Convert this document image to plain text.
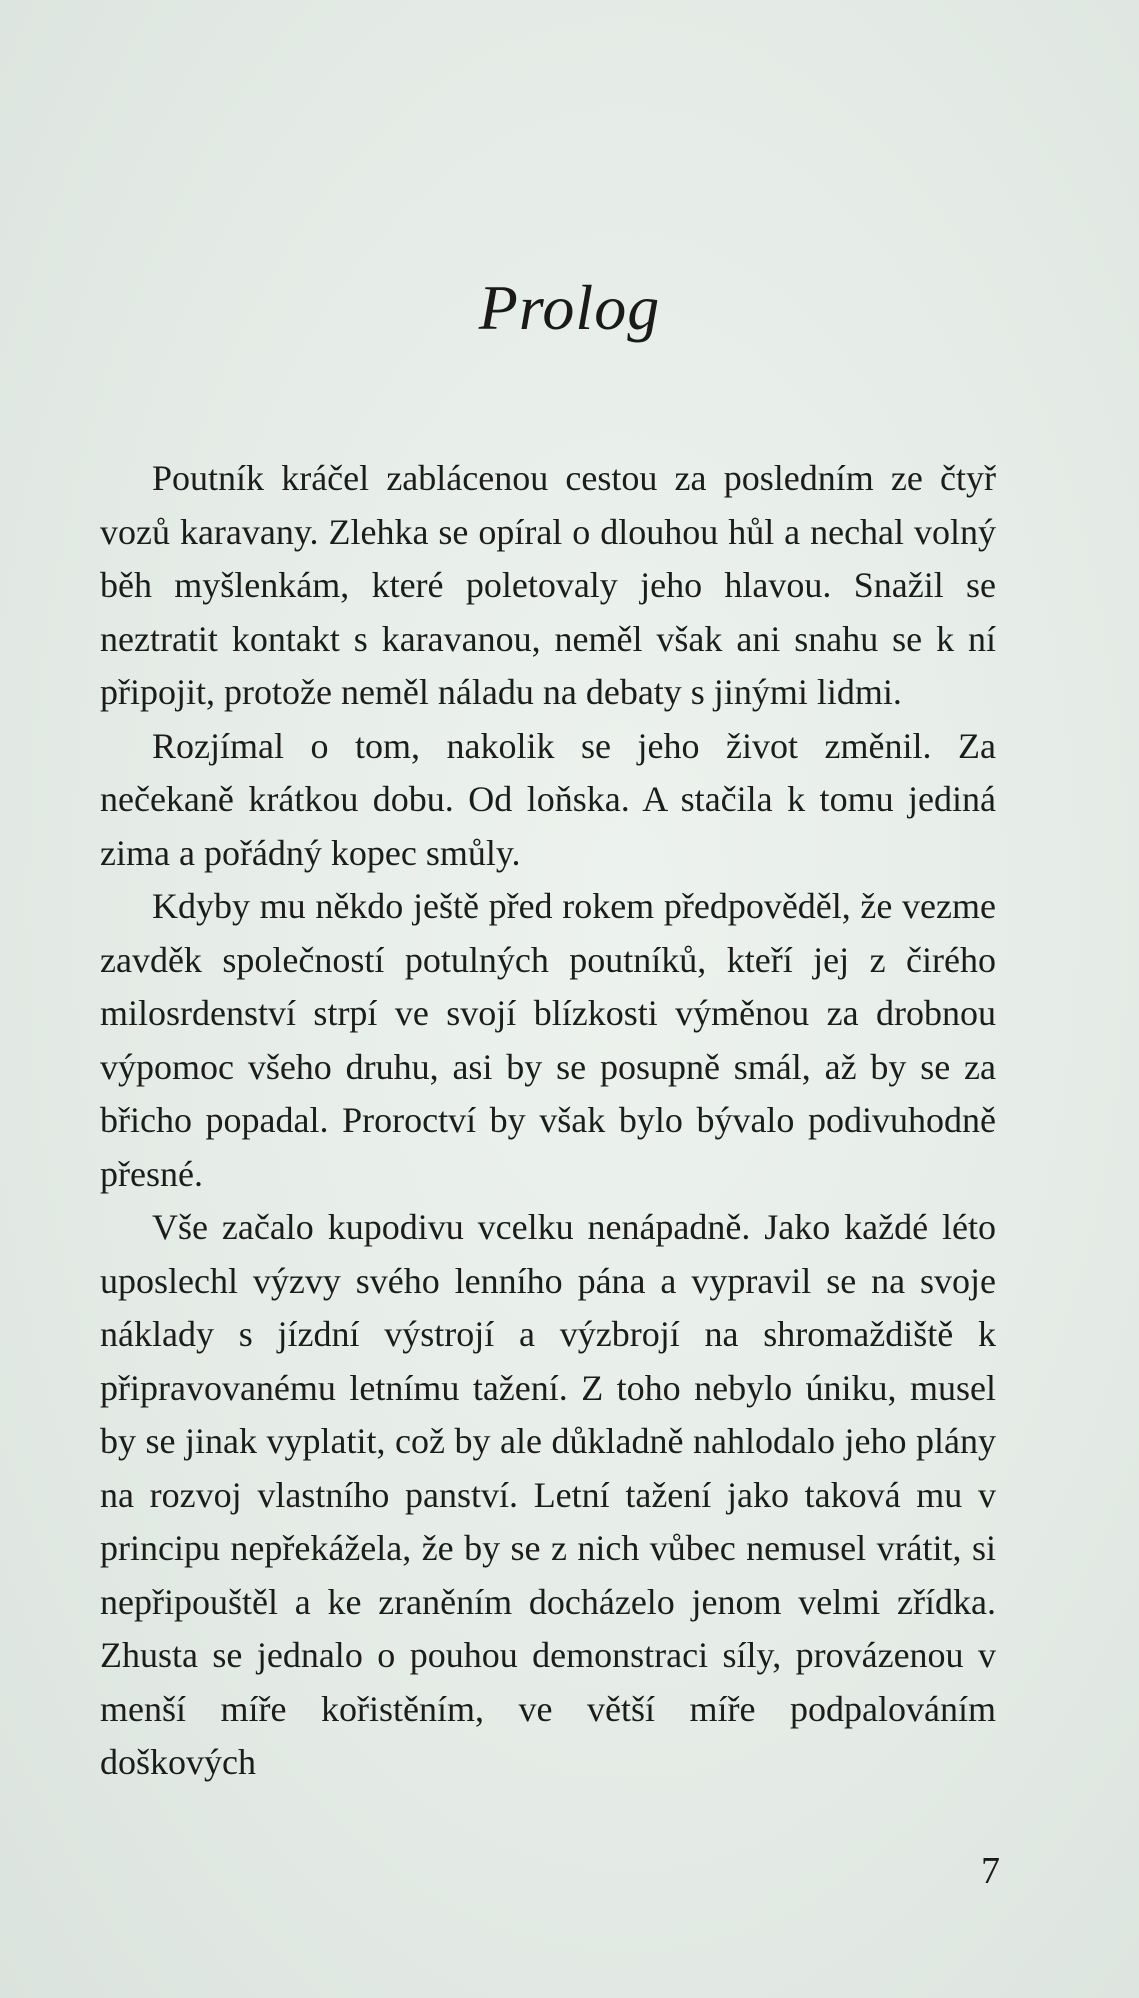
Prolog

Poutník kráčel zablácenou cestou za posledním ze čtyř vozů karavany. Zlehka se opíral o dlouhou hůl a nechal volný běh myšlenkám, které poletovaly jeho hlavou. Snažil se neztratit kontakt s karavanou, neměl však ani snahu se k ní připojit, protože neměl náladu na debaty s jinými lidmi.

Rozjímal o tom, nakolik se jeho život změnil. Za nečekaně krátkou dobu. Od loňska. A stačila k tomu jediná zima a pořádný kopec smůly.

Kdyby mu někdo ještě před rokem předpověděl, že vezme zavděk společností potulných poutníků, kteří jej z čirého milosrdenství strpí ve svojí blízkosti výměnou za drobnou výpomoc všeho druhu, asi by se posupně smál, až by se za břicho popadal. Proroctví by však bylo bývalo podivuhodně přesné.

Vše začalo kupodivu vcelku nenápadně. Jako každé léto uposlechl výzvy svého lenního pána a vypravil se na svoje náklady s jízdní výstrojí a výzbrojí na shromaždiště k připravovanému letnímu tažení. Z toho nebylo úniku, musel by se jinak vyplatit, což by ale důkladně nahlodalo jeho plány na rozvoj vlastního panství. Letní tažení jako taková mu v principu nepřekážela, že by se z nich vůbec nemusel vrátit, si nepřipouštěl a ke zraněním docházelo jenom velmi zřídka. Zhusta se jednalo o pouhou demonstraci síly, provázenou v menší míře kořistěním, ve větší míře podpalováním doškových

7
